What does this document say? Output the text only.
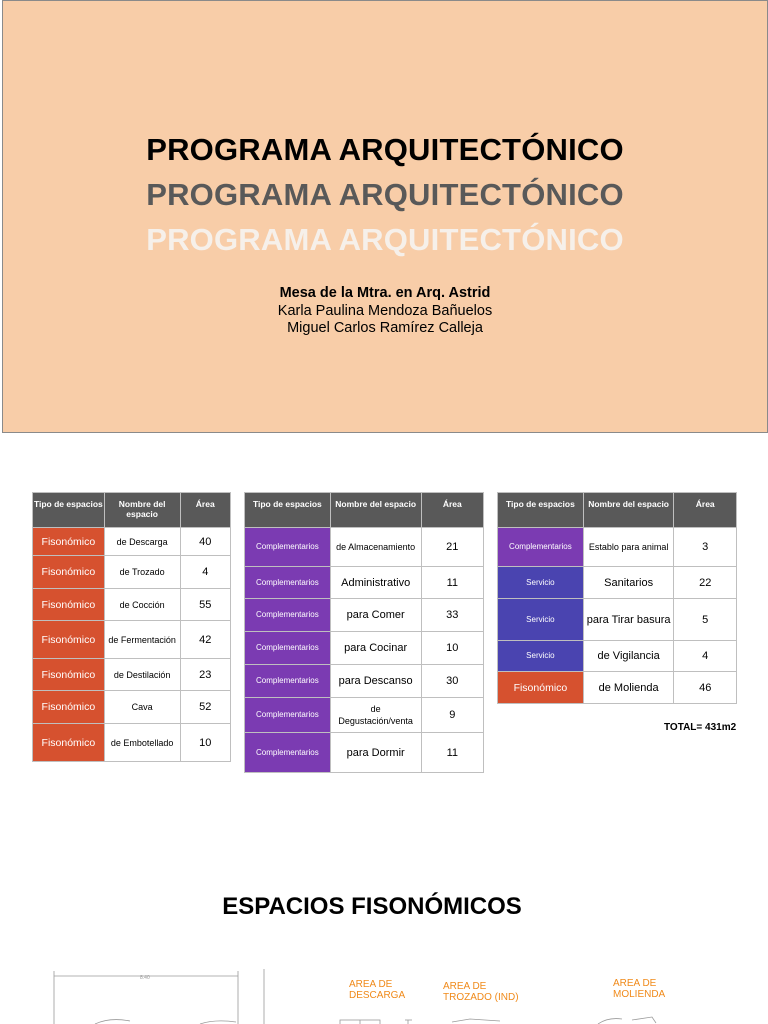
PROGRAMA ARQUITECTÓNICO
PROGRAMA ARQUITECTÓNICO
PROGRAMA ARQUITECTÓNICO
Mesa de la Mtra. en Arq. Astrid
Karla Paulina Mendoza Bañuelos
Miguel Carlos Ramírez Calleja
Tipo de espacios	Nombre del espacio	Área
Fisonómico	de Descarga	40
Fisonómico	de Trozado	4
Fisonómico	de Cocción	55
Fisonómico	de Fermentación	42
Fisonómico	de Destilación	23
Fisonómico	Cava	52
Fisonómico	de Embotellado	10
Tipo de espacios	Nombre del espacio	Área
Complementarios	de Almacenamiento	21
Complementarios	Administrativo	11
Complementarios	para Comer	33
Complementarios	para Cocinar	10
Complementarios	para Descanso	30
Complementarios	de Degustación/venta	9
Complementarios	para Dormir	11
Tipo de espacios	Nombre del espacio	Área
Complementarios	Establo para animal	3
Servicio	Sanitarios	22
Servicio	para Tirar basura	5
Servicio	de Vigilancia	4
Fisonómico	de Molienda	46
TOTAL= 431m2
ESPACIOS FISONÓMICOS
8.40
AREA DE DESCARGA
AREA DE TROZADO (IND)
AREA DE MOLIENDA
